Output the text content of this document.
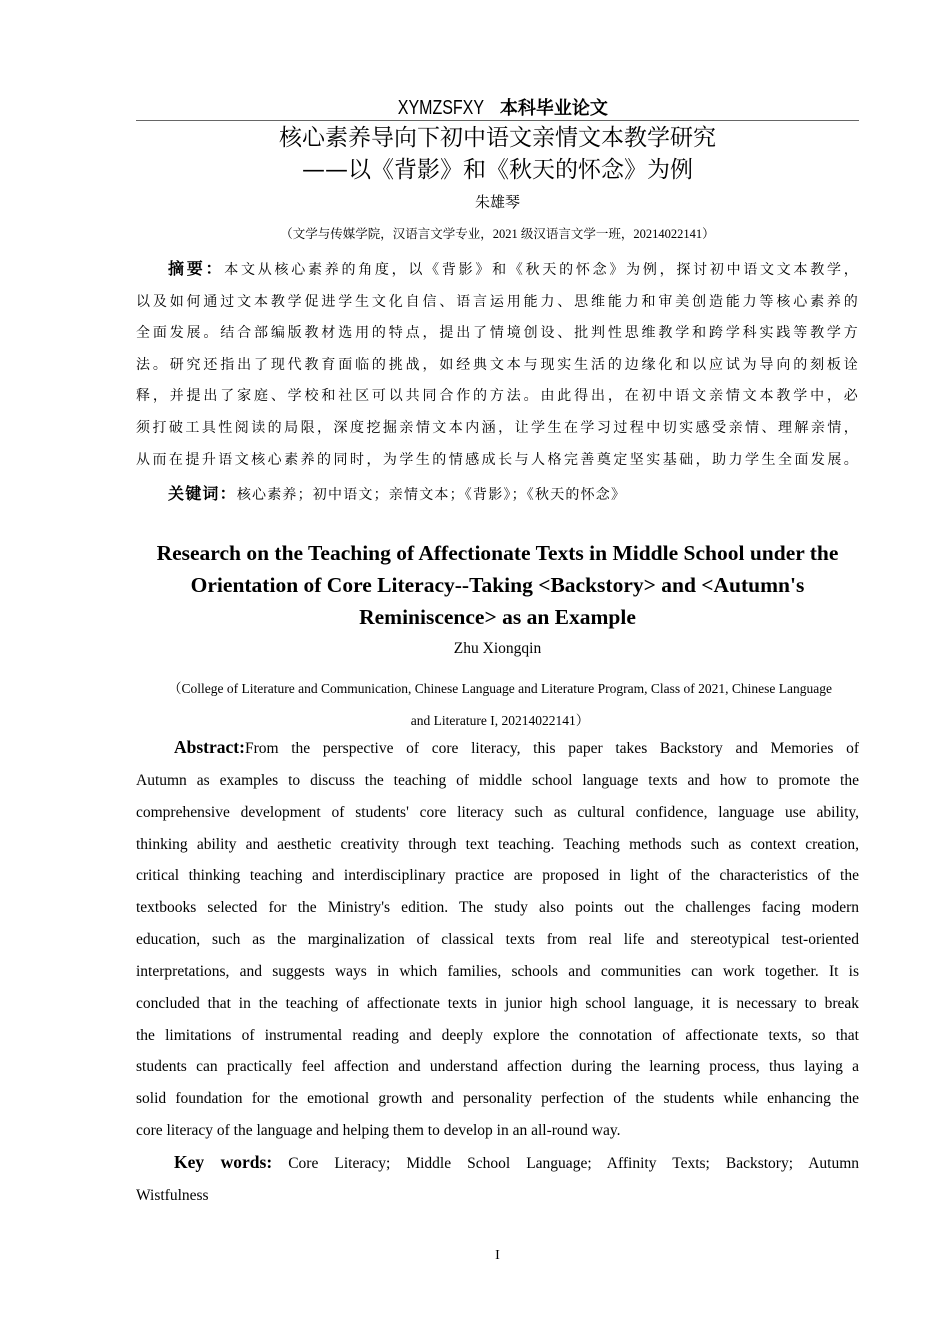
XYMZSFXY 本科毕业论文
核心素养导向下初中语文亲情文本教学研究
——以《背影》和《秋天的怀念》为例
朱雄琴
（文学与传媒学院，汉语言文学专业，2021 级汉语言文学一班，20214022141）
摘要：本文从核心素养的角度，以《背影》和《秋天的怀念》为例，探讨初中语文文本教学，
以及如何通过文本教学促进学生文化自信、语言运用能力、思维能力和审美创造能力等核心素养的
全面发展。结合部编版教材选用的特点，提出了情境创设、批判性思维教学和跨学科实践等教学方
法。研究还指出了现代教育面临的挑战，如经典文本与现实生活的边缘化和以应试为导向的刻板诠
释，并提出了家庭、学校和社区可以共同合作的方法。由此得出，在初中语文亲情文本教学中，必
须打破工具性阅读的局限，深度挖掘亲情文本内涵，让学生在学习过程中切实感受亲情、理解亲情，
从而在提升语文核心素养的同时，为学生的情感成长与人格完善奠定坚实基础，助力学生全面发展。
关键词：核心素养；初中语文；亲情文本；《背影》；《秋天的怀念》
Research on the Teaching of Affectionate Texts in Middle School under the
Orientation of Core Literacy--Taking <Backstory> and <Autumn's
Reminiscence> as an Example
Zhu Xiongqin
（College of Literature and Communication, Chinese Language and Literature Program, Class of 2021, Chinese Language
and Literature I, 20214022141）
Abstract:From the perspective of core literacy, this paper takes Backstory and Memories of
Autumn as examples to discuss the teaching of middle school language texts and how to promote the
comprehensive development of students' core literacy such as cultural confidence, language use ability,
thinking ability and aesthetic creativity through text teaching. Teaching methods such as context creation,
critical thinking teaching and interdisciplinary practice are proposed in light of the characteristics of the
textbooks selected for the Ministry's edition. The study also points out the challenges facing modern
education, such as the marginalization of classical texts from real life and stereotypical test-oriented
interpretations, and suggests ways in which families, schools and communities can work together. It is
concluded that in the teaching of affectionate texts in junior high school language, it is necessary to break
the limitations of instrumental reading and deeply explore the connotation of affectionate texts, so that
students can practically feel affection and understand affection during the learning process, thus laying a
solid foundation for the emotional growth and personality perfection of the students while enhancing the
core literacy of the language and helping them to develop in an all-round way.
Key words: Core Literacy; Middle School Language; Affinity Texts; Backstory; Autumn
Wistfulness
I
